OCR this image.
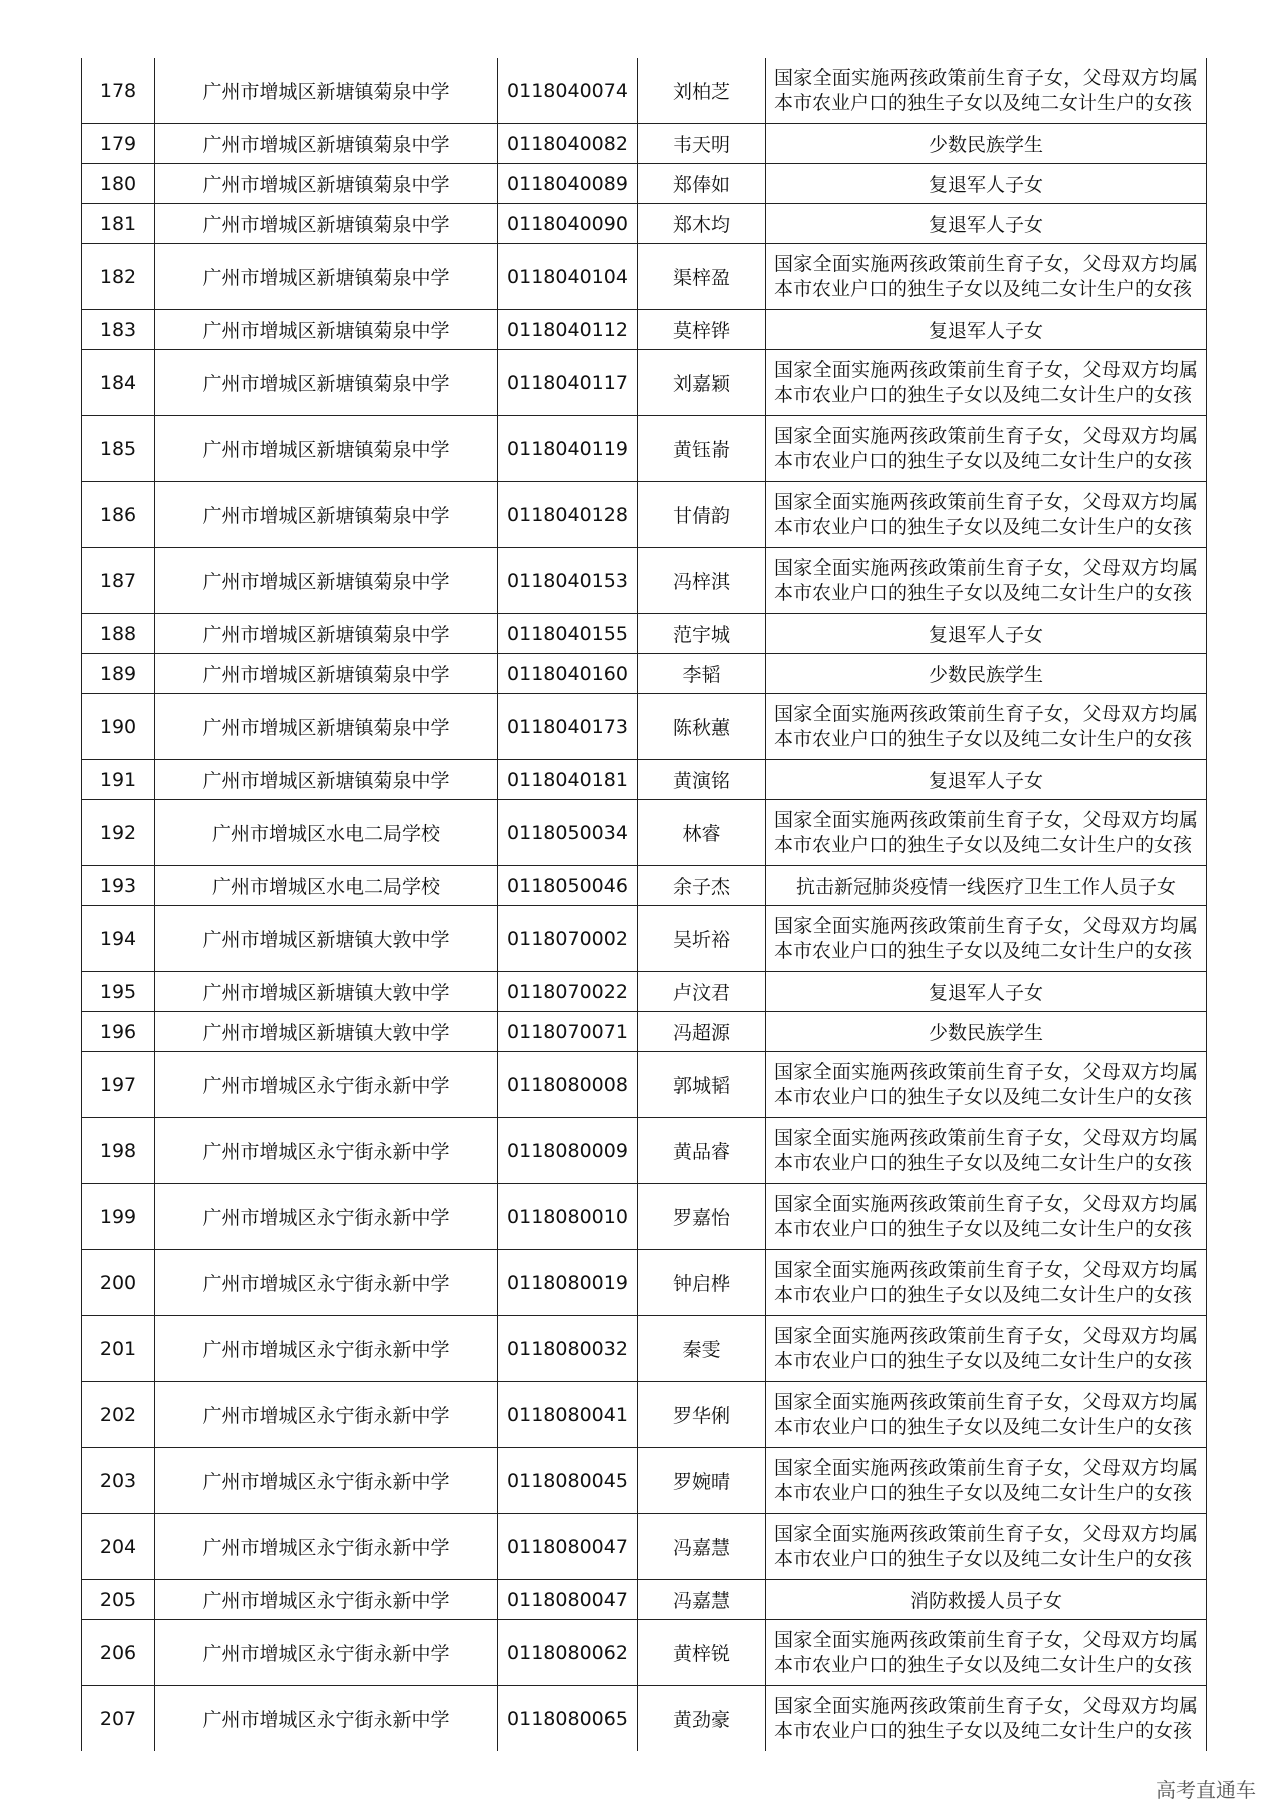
178	广州市增城区新塘镇菊泉中学	0118040074	刘柏芝	国家全面实施两孩政策前生育子女，父母双方均属本市农业户口的独生子女以及纯二女计生户的女孩
179	广州市增城区新塘镇菊泉中学	0118040082	韦天明	少数民族学生
180	广州市增城区新塘镇菊泉中学	0118040089	郑俸如	复退军人子女
181	广州市增城区新塘镇菊泉中学	0118040090	郑木均	复退军人子女
182	广州市增城区新塘镇菊泉中学	0118040104	渠梓盈	国家全面实施两孩政策前生育子女，父母双方均属本市农业户口的独生子女以及纯二女计生户的女孩
183	广州市增城区新塘镇菊泉中学	0118040112	莫梓铧	复退军人子女
184	广州市增城区新塘镇菊泉中学	0118040117	刘嘉颖	国家全面实施两孩政策前生育子女，父母双方均属本市农业户口的独生子女以及纯二女计生户的女孩
185	广州市增城区新塘镇菊泉中学	0118040119	黄钰嵛	国家全面实施两孩政策前生育子女，父母双方均属本市农业户口的独生子女以及纯二女计生户的女孩
186	广州市增城区新塘镇菊泉中学	0118040128	甘倩韵	国家全面实施两孩政策前生育子女，父母双方均属本市农业户口的独生子女以及纯二女计生户的女孩
187	广州市增城区新塘镇菊泉中学	0118040153	冯梓淇	国家全面实施两孩政策前生育子女，父母双方均属本市农业户口的独生子女以及纯二女计生户的女孩
188	广州市增城区新塘镇菊泉中学	0118040155	范宇城	复退军人子女
189	广州市增城区新塘镇菊泉中学	0118040160	李韬	少数民族学生
190	广州市增城区新塘镇菊泉中学	0118040173	陈秋蕙	国家全面实施两孩政策前生育子女，父母双方均属本市农业户口的独生子女以及纯二女计生户的女孩
191	广州市增城区新塘镇菊泉中学	0118040181	黄演铭	复退军人子女
192	广州市增城区水电二局学校	0118050034	林睿	国家全面实施两孩政策前生育子女，父母双方均属本市农业户口的独生子女以及纯二女计生户的女孩
193	广州市增城区水电二局学校	0118050046	余子杰	抗击新冠肺炎疫情一线医疗卫生工作人员子女
194	广州市增城区新塘镇大敦中学	0118070002	吴圻裕	国家全面实施两孩政策前生育子女，父母双方均属本市农业户口的独生子女以及纯二女计生户的女孩
195	广州市增城区新塘镇大敦中学	0118070022	卢汶君	复退军人子女
196	广州市增城区新塘镇大敦中学	0118070071	冯超源	少数民族学生
197	广州市增城区永宁街永新中学	0118080008	郭城韬	国家全面实施两孩政策前生育子女，父母双方均属本市农业户口的独生子女以及纯二女计生户的女孩
198	广州市增城区永宁街永新中学	0118080009	黄品睿	国家全面实施两孩政策前生育子女，父母双方均属本市农业户口的独生子女以及纯二女计生户的女孩
199	广州市增城区永宁街永新中学	0118080010	罗嘉怡	国家全面实施两孩政策前生育子女，父母双方均属本市农业户口的独生子女以及纯二女计生户的女孩
200	广州市增城区永宁街永新中学	0118080019	钟启桦	国家全面实施两孩政策前生育子女，父母双方均属本市农业户口的独生子女以及纯二女计生户的女孩
201	广州市增城区永宁街永新中学	0118080032	秦雯	国家全面实施两孩政策前生育子女，父母双方均属本市农业户口的独生子女以及纯二女计生户的女孩
202	广州市增城区永宁街永新中学	0118080041	罗华俐	国家全面实施两孩政策前生育子女，父母双方均属本市农业户口的独生子女以及纯二女计生户的女孩
203	广州市增城区永宁街永新中学	0118080045	罗婉晴	国家全面实施两孩政策前生育子女，父母双方均属本市农业户口的独生子女以及纯二女计生户的女孩
204	广州市增城区永宁街永新中学	0118080047	冯嘉慧	国家全面实施两孩政策前生育子女，父母双方均属本市农业户口的独生子女以及纯二女计生户的女孩
205	广州市增城区永宁街永新中学	0118080047	冯嘉慧	消防救援人员子女
206	广州市增城区永宁街永新中学	0118080062	黄梓锐	国家全面实施两孩政策前生育子女，父母双方均属本市农业户口的独生子女以及纯二女计生户的女孩
207	广州市增城区永宁街永新中学	0118080065	黄劲豪	国家全面实施两孩政策前生育子女，父母双方均属本市农业户口的独生子女以及纯二女计生户的女孩
高考直通车
